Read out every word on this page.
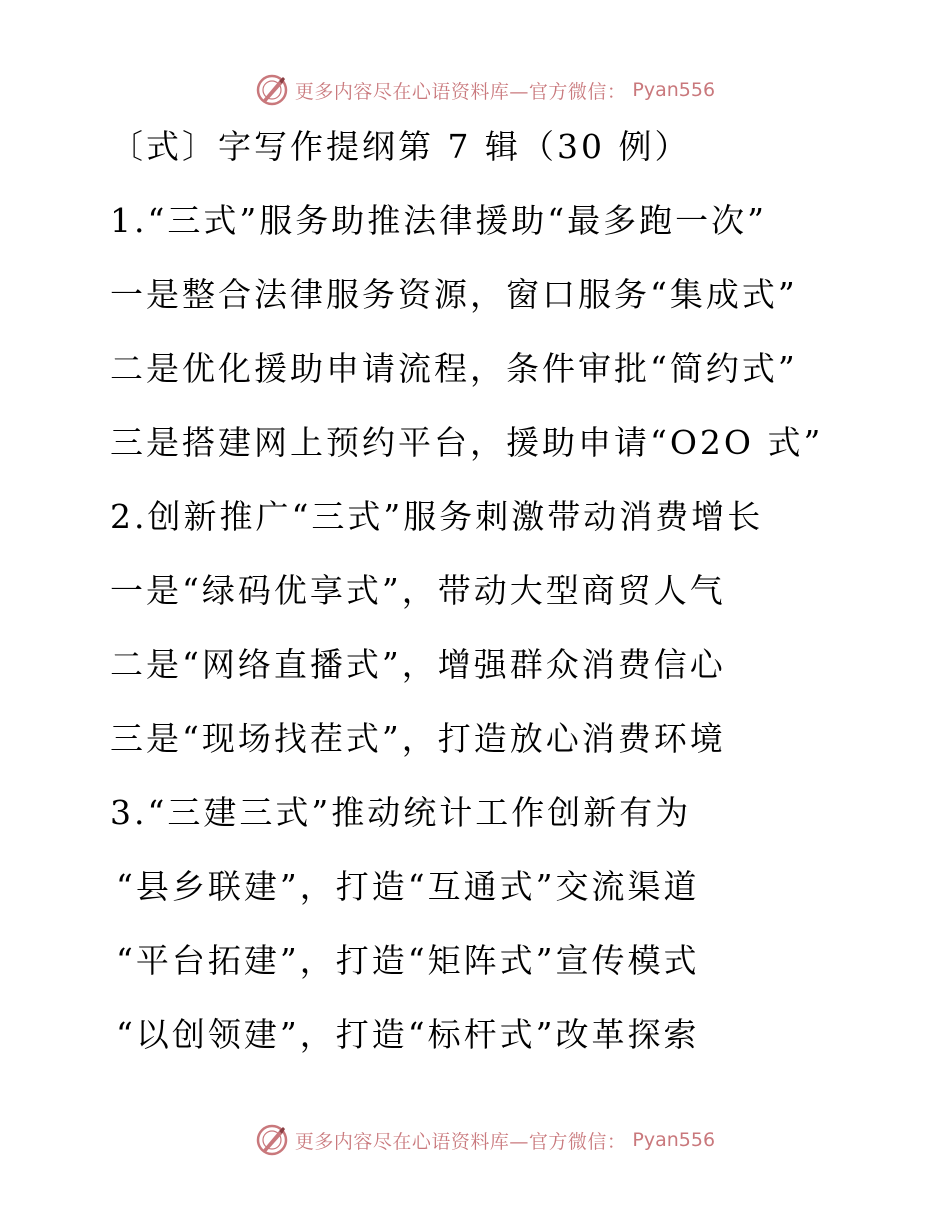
更多内容尽在心语资料库—官方微信： Pyan556
〔式〕字写作提纲第 7 辑（30 例）
1.“三式”服务助推法律援助“最多跑一次”
一是整合法律服务资源，窗口服务“集成式”
二是优化援助申请流程，条件审批“简约式”
三是搭建网上预约平台，援助申请“O2O 式”
2.创新推广“三式”服务刺激带动消费增长
一是“绿码优享式”，带动大型商贸人气
二是“网络直播式”，增强群众消费信心
三是“现场找茬式”，打造放心消费环境
3.“三建三式”推动统计工作创新有为
“县乡联建”，打造“互通式”交流渠道
“平台拓建”，打造“矩阵式”宣传模式
“以创领建”，打造“标杆式”改革探索
更多内容尽在心语资料库—官方微信： Pyan556
